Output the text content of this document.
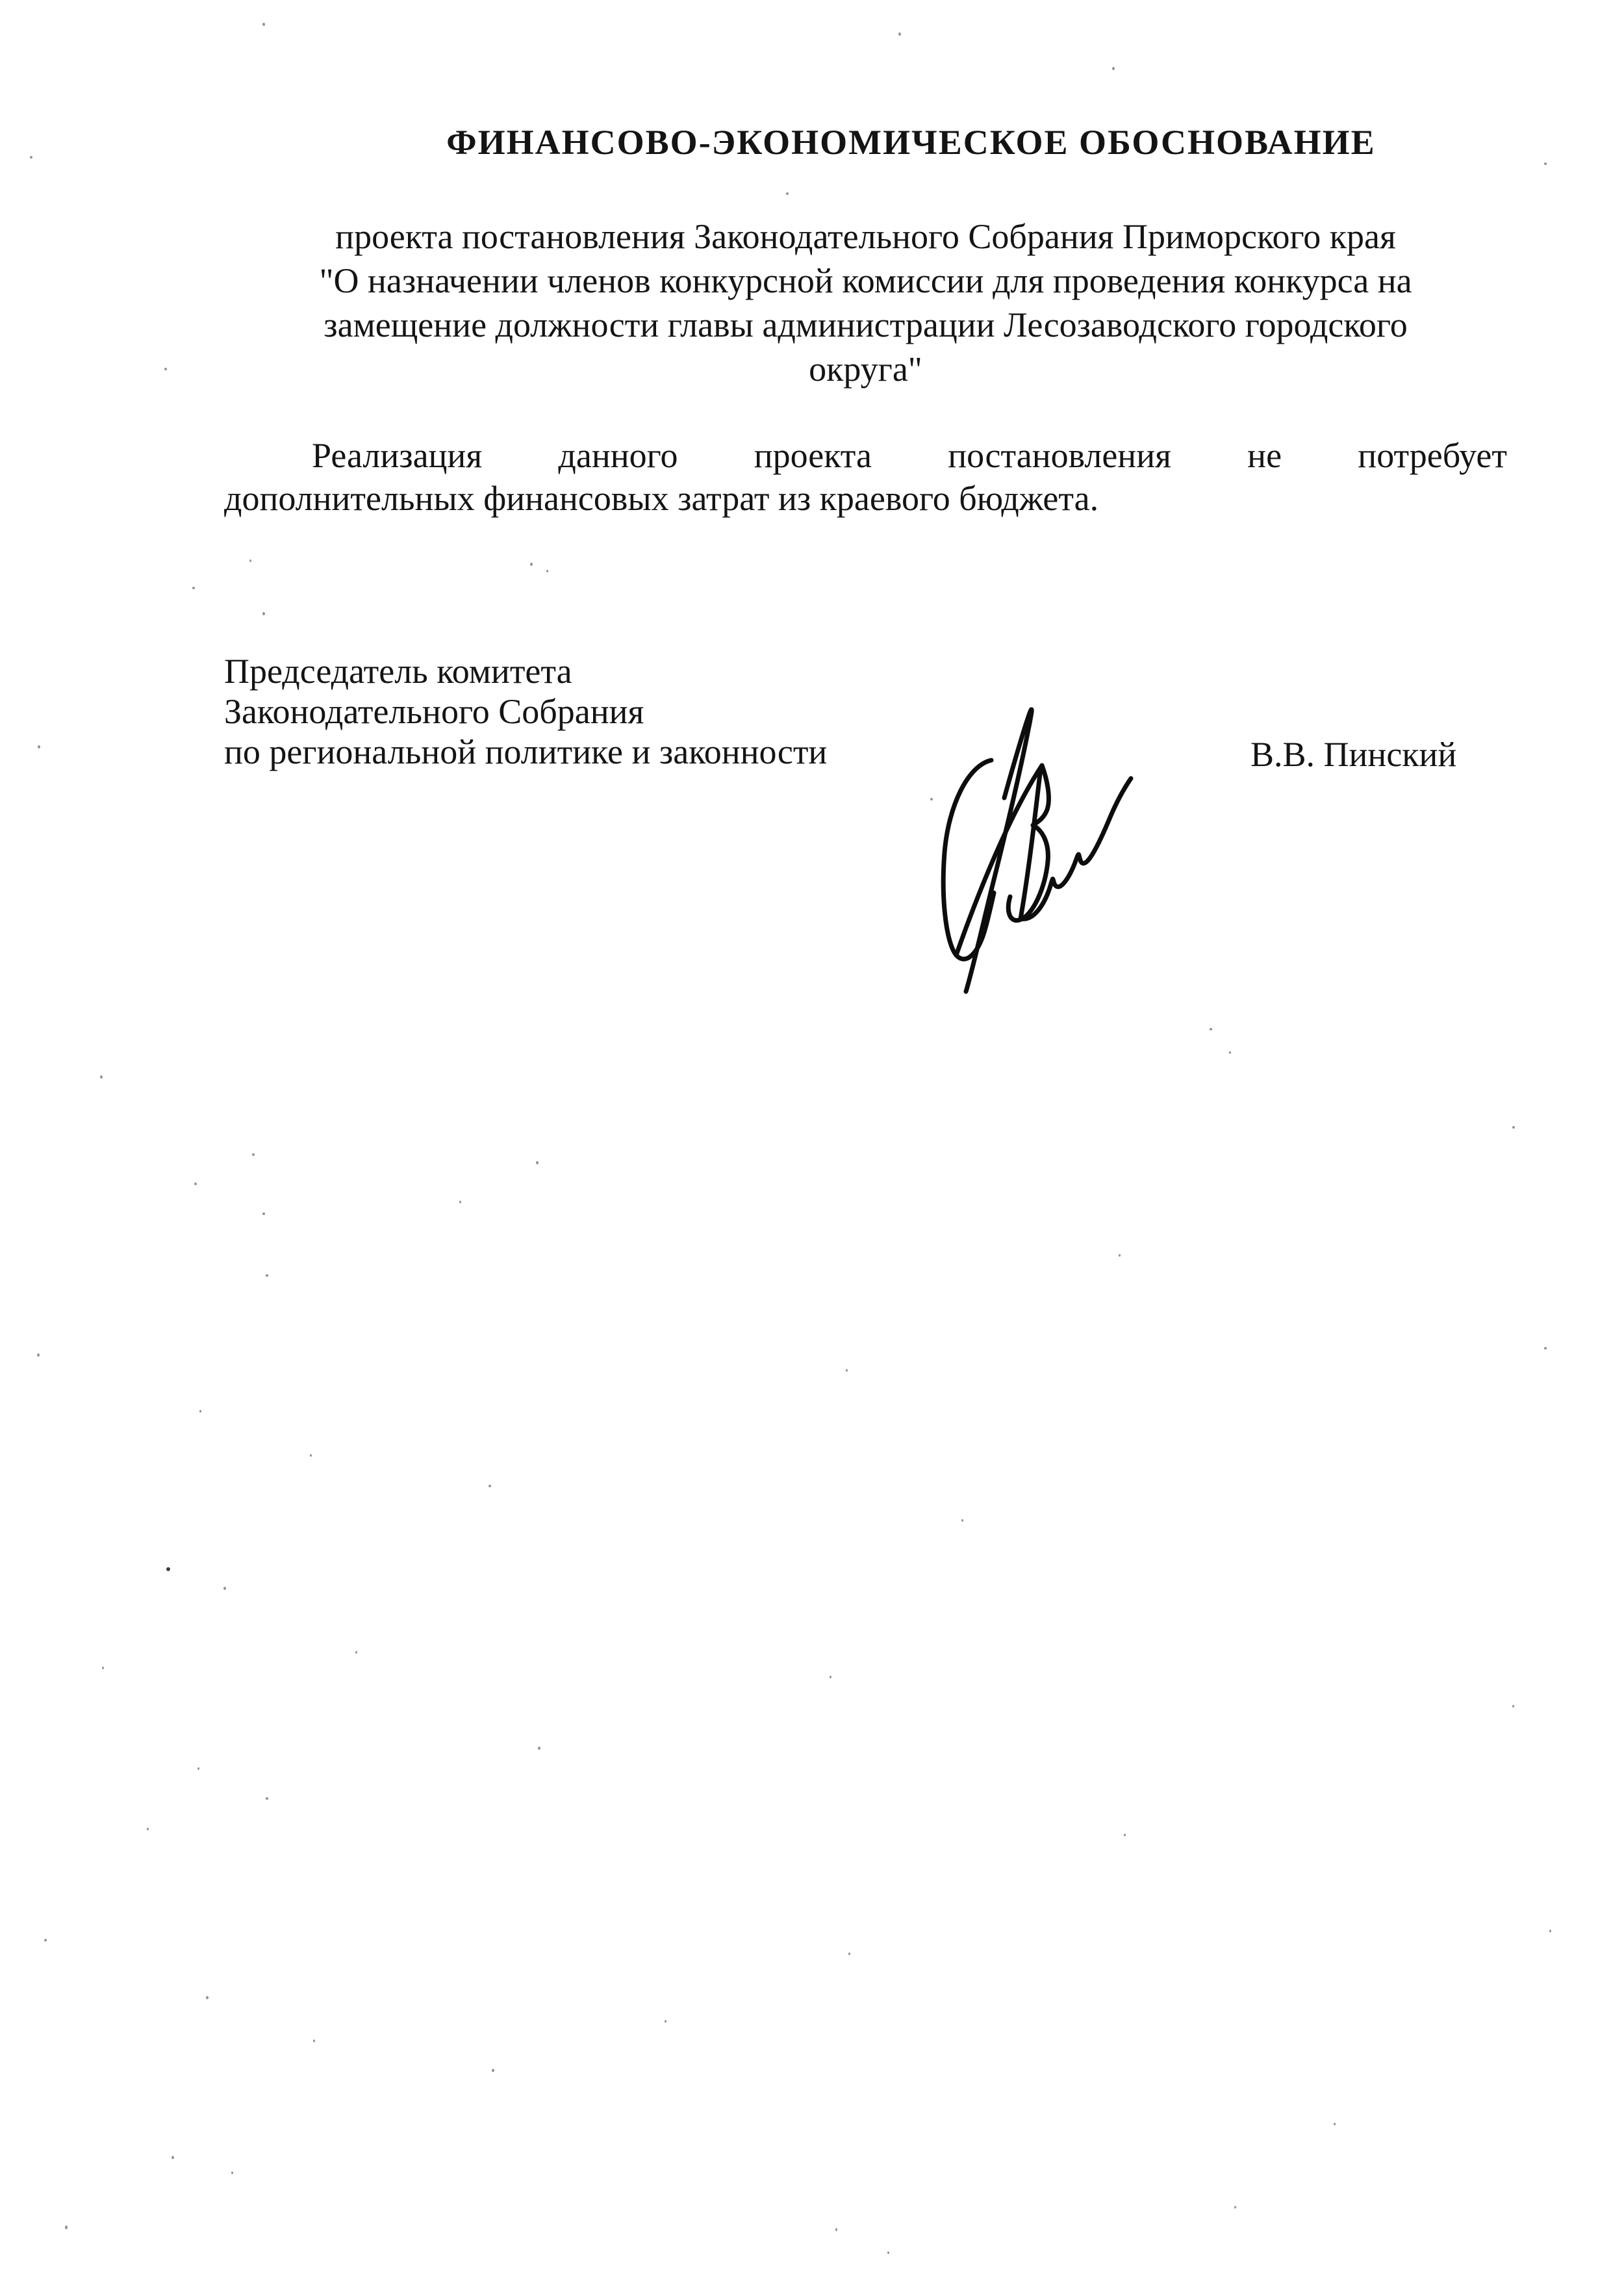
ФИНАНСОВО-ЭКОНОМИЧЕСКОЕ ОБОСНОВАНИЕ
проекта постановления Законодательного Собрания Приморского края
"О назначении членов конкурсной комиссии для проведения конкурса на
замещение должности главы администрации Лесозаводского городского
округа"
Реализация данного проекта постановления не потребует
дополнительных финансовых затрат из краевого бюджета.
Председатель комитета
Законодательного Собрания
по региональной политике и законности	В.В. Пинский
